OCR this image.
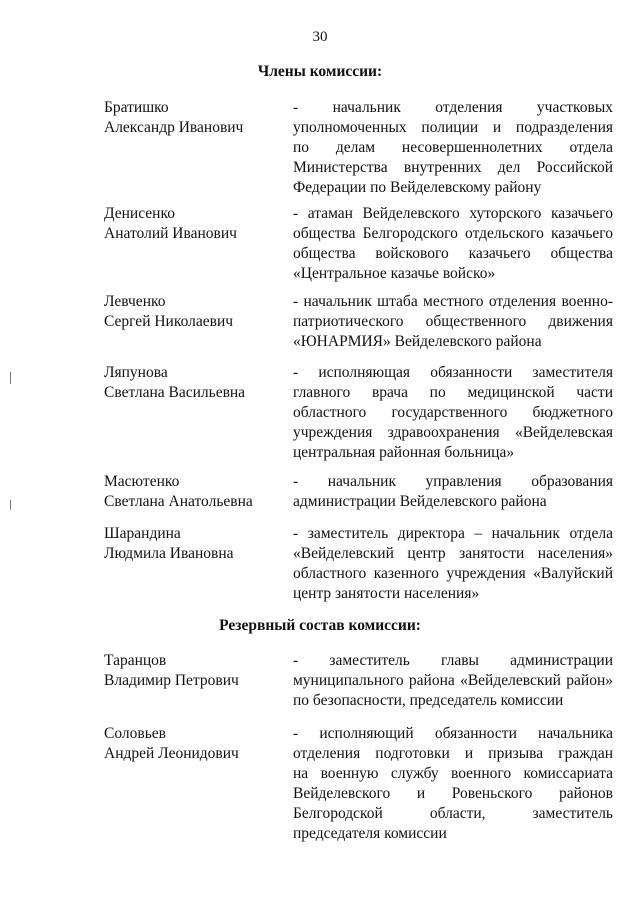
30
Члены комиссии:
Братишко
Александр Иванович
- начальник отделения участковых
уполномоченных полиции и подразделения
по делам несовершеннолетних отдела
Министерства внутренних дел Российской
Федерации по Вейделевскому району
Денисенко
Анатолий Иванович
- атаман Вейделевского хуторского казачьего
общества Белгородского отдельского казачьего
общества войскового казачьего общества
«Центральное казачье войско»
Левченко
Сергей Николаевич
- начальник штаба местного отделения военно-
патриотического общественного движения
«ЮНАРМИЯ» Вейделевского района
Ляпунова
Светлана Васильевна
- исполняющая обязанности заместителя
главного врача по медицинской части
областного государственного бюджетного
учреждения здравоохранения «Вейделевская
центральная районная больница»
Масютенко
Светлана Анатольевна
- начальник управления образования
администрации Вейделевского района
Шарандина
Людмила Ивановна
- заместитель директора – начальник отдела
«Вейделевский центр занятости населения»
областного казенного учреждения «Валуйский
центр занятости населения»
Резервный состав комиссии:
Таранцов
Владимир Петрович
- заместитель главы администрации
муниципального района «Вейделевский район»
по безопасности, председатель комиссии
Соловьев
Андрей Леонидович
- исполняющий обязанности начальника
отделения подготовки и призыва граждан
на военную службу военного комиссариата
Вейделевского и Ровеньского районов
Белгородской области, заместитель
председателя комиссии
